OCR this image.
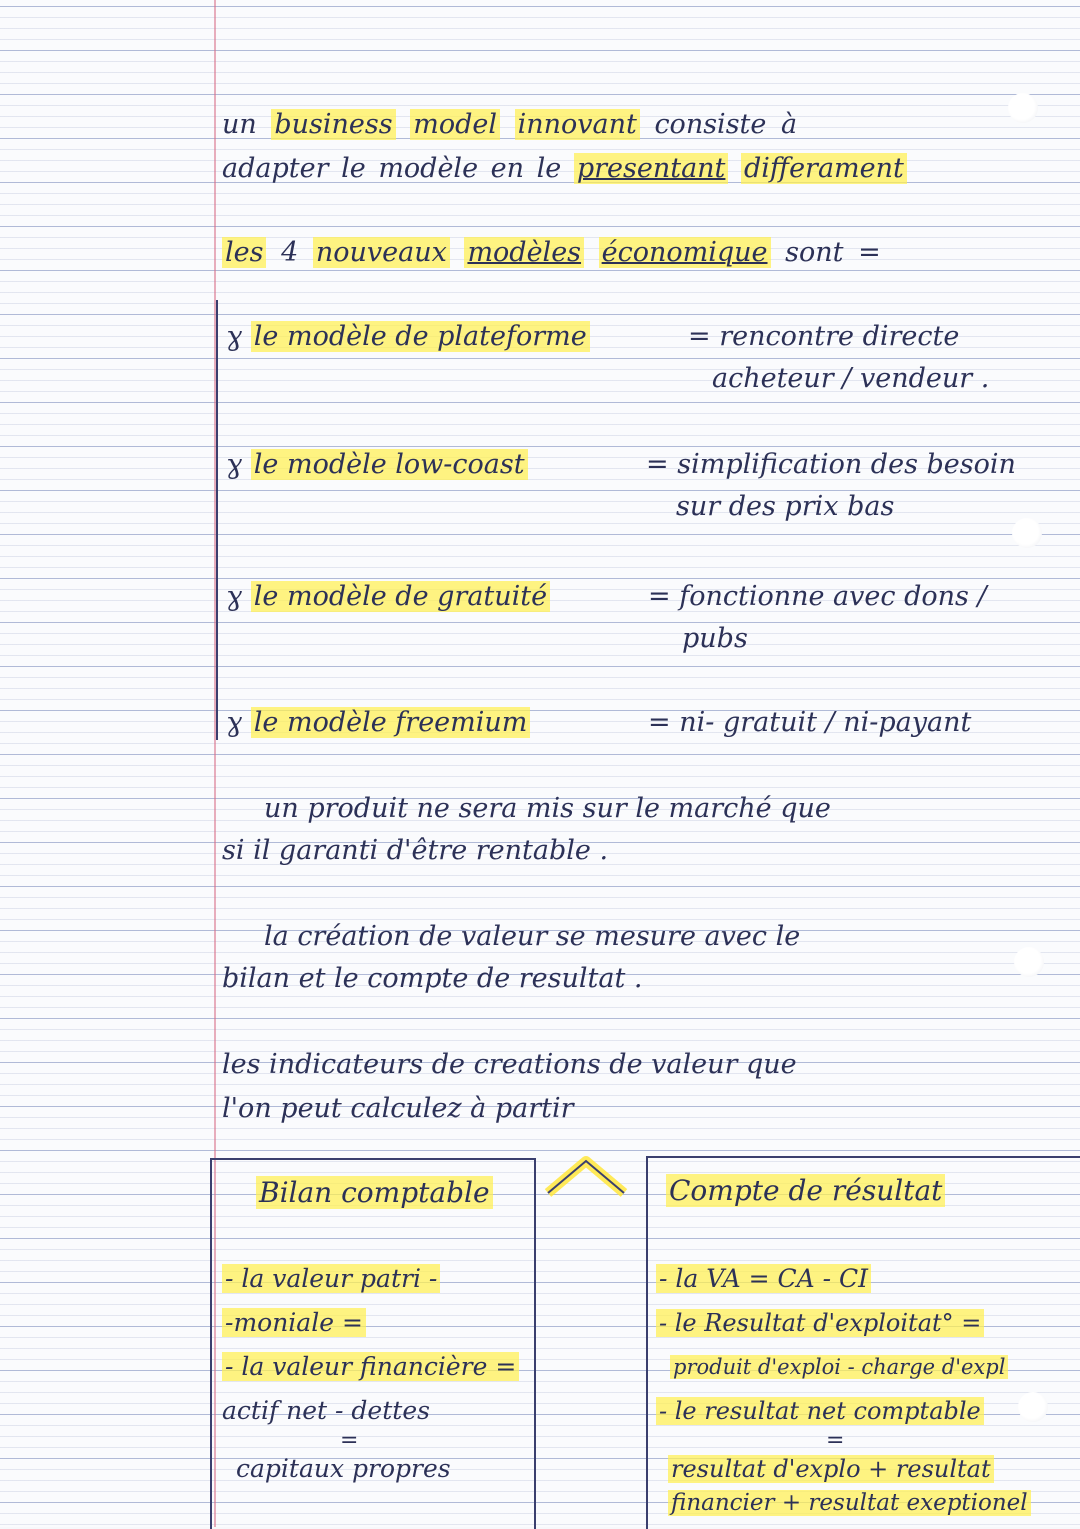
un business model innovant consiste à
adapter le modèle en le presentant differament
les 4 nouveaux modèles économique sont =
ɣ le modèle de plateforme	= rencontre directe
acheteur / vendeur .
ɣ le modèle low-coast	= simplification des besoin
sur des prix bas
ɣ le modèle de gratuité	= fonctionne avec dons /
pubs
ɣ le modèle freemium	= ni- gratuit / ni-payant
un produit ne sera mis sur le marché que
si il garanti d'être rentable .
la création de valeur se mesure avec le
bilan et le compte de resultat .
les indicateurs de creations de valeur que
l'on peut calculez à partir
Bilan comptable
- la valeur patri -
-moniale =
- la valeur financière =
actif net - dettes
=
capitaux propres
Compte de résultat
- la VA = CA - CI
- le Resultat d'exploitat° =
produit d'exploi - charge d'expl
- le resultat net comptable
=
resultat d'explo + resultat
financier + resultat exeptionel
